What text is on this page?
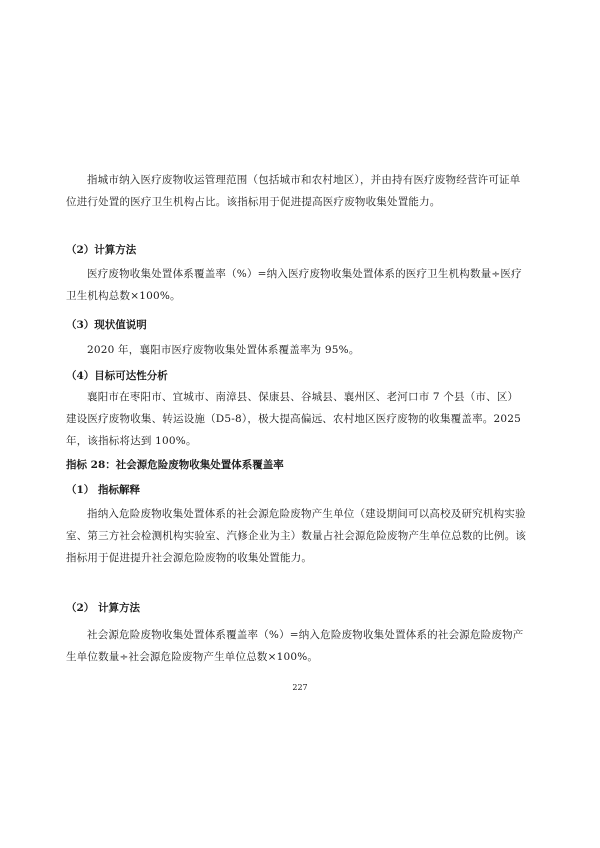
指城市纳入医疗废物收运管理范围（包括城市和农村地区），并由持有医疗废物经营许可证单位进行处置的医疗卫生机构占比。该指标用于促进提高医疗废物收集处置能力。

（2）计算方法

医疗废物收集处置体系覆盖率（%）=纳入医疗废物收集处置体系的医疗卫生机构数量÷医疗卫生机构总数×100%。

（3）现状值说明

2020 年，襄阳市医疗废物收集处置体系覆盖率为 95%。

（4）目标可达性分析

襄阳市在枣阳市、宜城市、南漳县、保康县、谷城县、襄州区、老河口市 7 个县（市、区）建设医疗废物收集、转运设施（D5-8），极大提高偏远、农村地区医疗废物的收集覆盖率。2025 年，该指标将达到 100%。

指标 28：社会源危险废物收集处置体系覆盖率

（1） 指标解释

指纳入危险废物收集处置体系的社会源危险废物产生单位（建设期间可以高校及研究机构实验室、第三方社会检测机构实验室、汽修企业为主）数量占社会源危险废物产生单位总数的比例。该指标用于促进提升社会源危险废物的收集处置能力。

（2） 计算方法

社会源危险废物收集处置体系覆盖率（%）=纳入危险废物收集处置体系的社会源危险废物产生单位数量÷社会源危险废物产生单位总数×100%。

227
